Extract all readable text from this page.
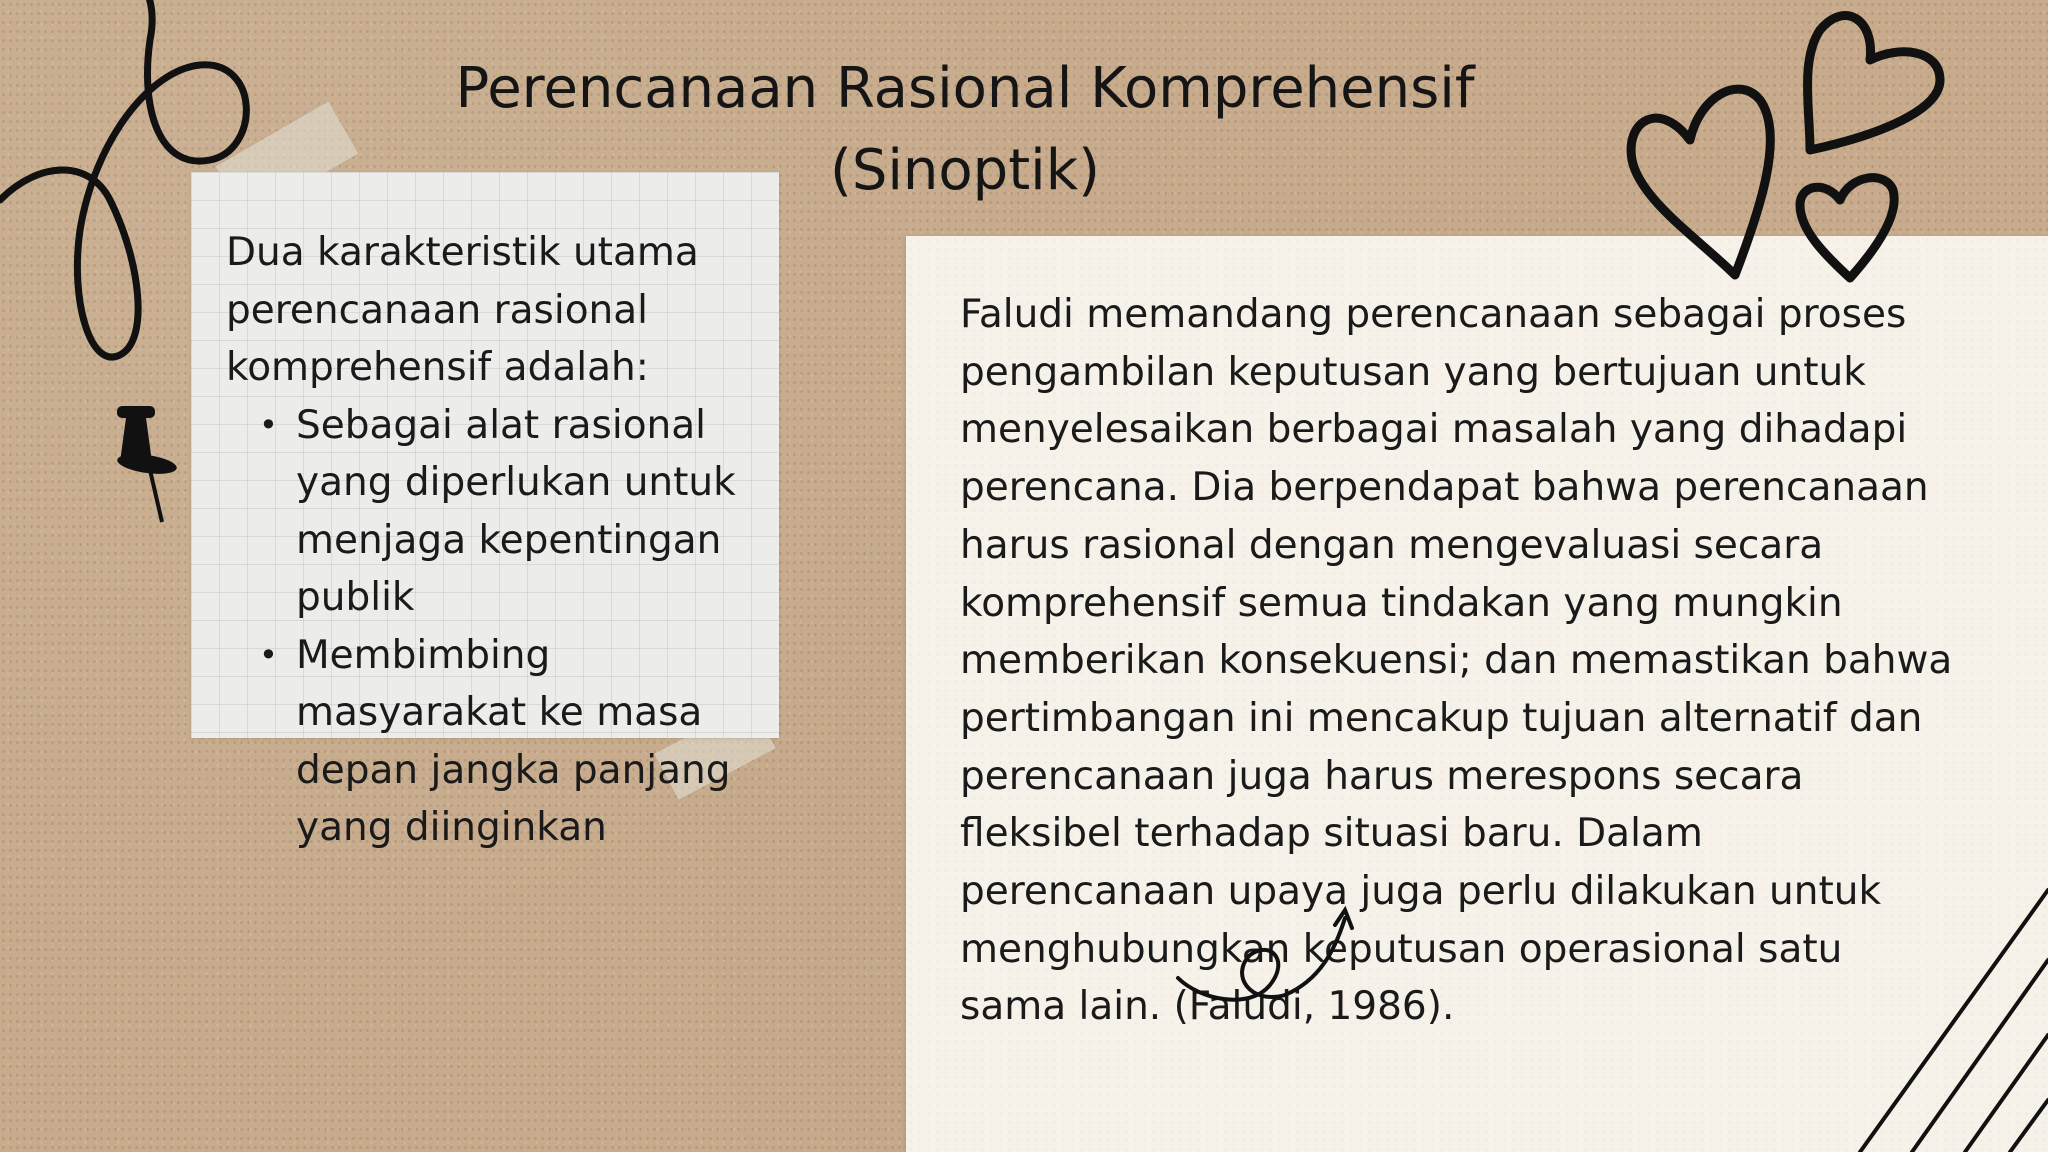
Perencanaan Rasional Komprehensif
(Sinoptik)

Dua karakteristik utama perencanaan rasional komprehensif adalah:

• Sebagai alat rasional yang diperlukan untuk menjaga kepentingan publik
• Membimbing masyarakat ke masa depan jangka panjang yang diinginkan

Faludi memandang perencanaan sebagai proses pengambilan keputusan yang bertujuan untuk menyelesaikan berbagai masalah yang dihadapi perencana. Dia berpendapat bahwa perencanaan harus rasional dengan mengevaluasi secara komprehensif semua tindakan yang mungkin memberikan konsekuensi; dan memastikan bahwa pertimbangan ini mencakup tujuan alternatif dan perencanaan juga harus merespons secara fleksibel terhadap situasi baru. Dalam perencanaan upaya juga perlu dilakukan untuk menghubungkan keputusan operasional satu sama lain. (Faludi, 1986).
